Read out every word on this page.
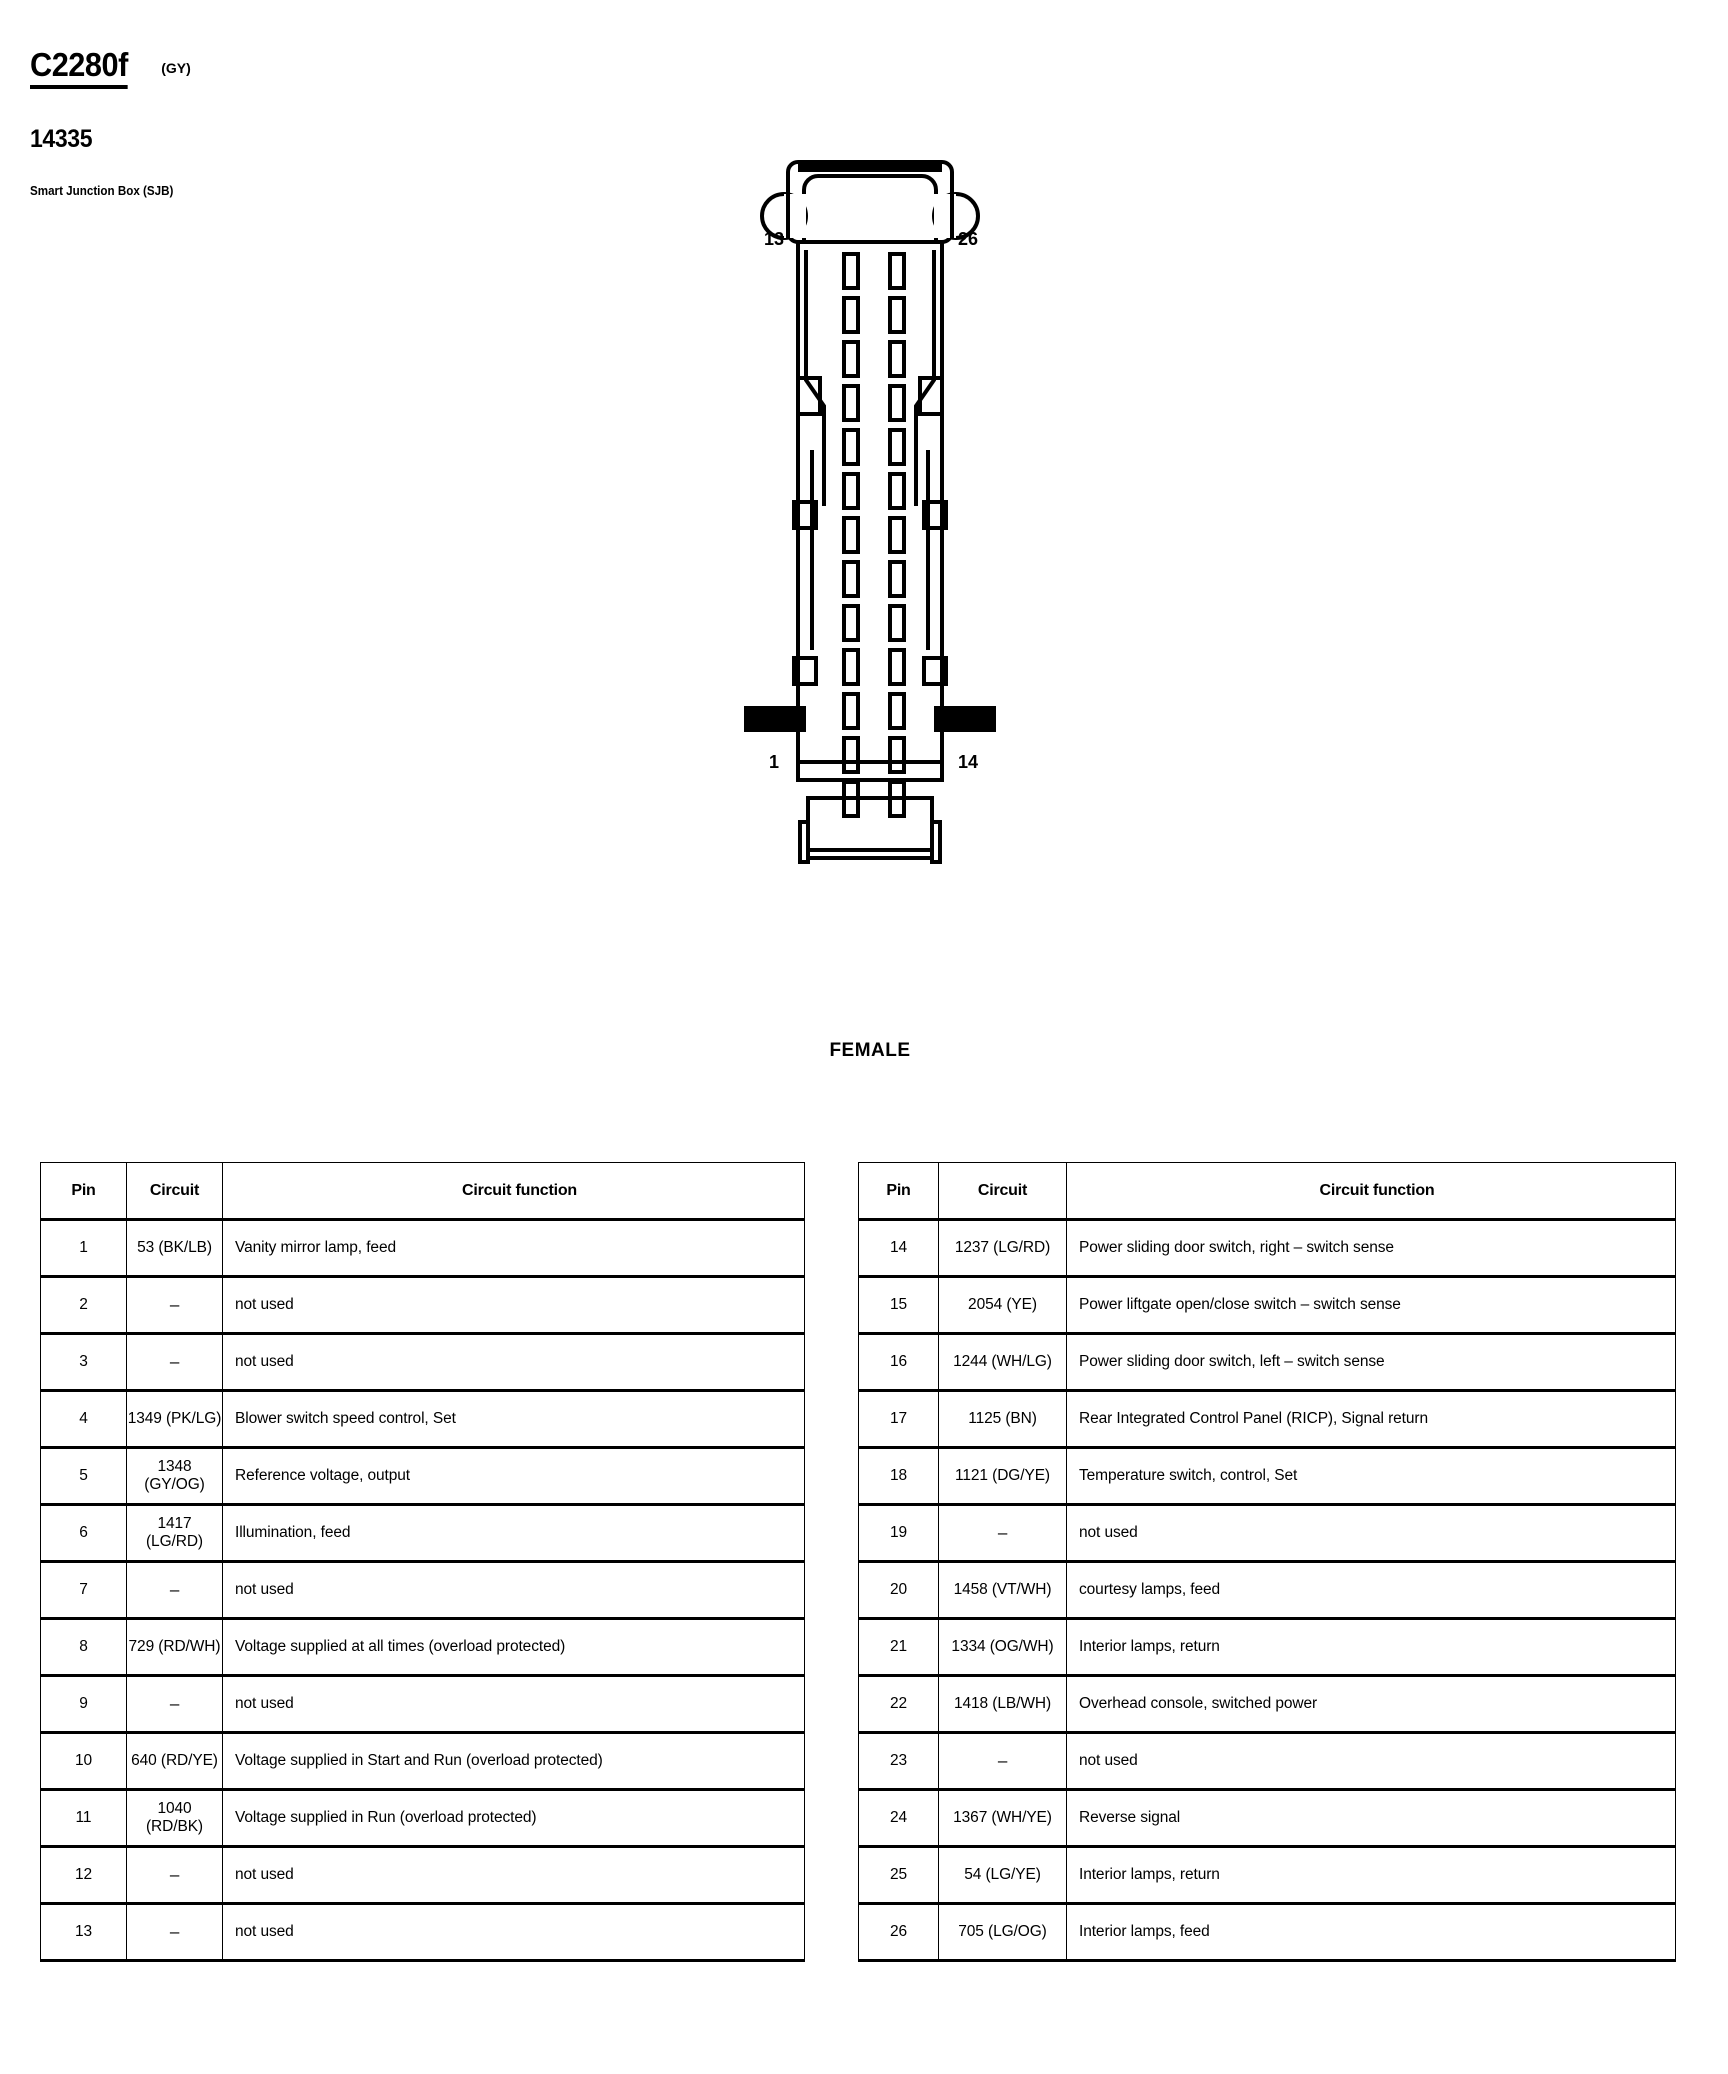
C2280f (GY)
14335
Smart Junction Box (SJB)
13	26
1	14
FEMALE
Pin	Circuit	Circuit function
1	53 (BK/LB)	Vanity mirror lamp, feed
2	–	not used
3	–	not used
4	1349 (PK/LG)	Blower switch speed control, Set
5	1348 (GY/OG)	Reference voltage, output
6	1417 (LG/RD)	Illumination, feed
7	–	not used
8	729 (RD/WH)	Voltage supplied at all times (overload protected)
9	–	not used
10	640 (RD/YE)	Voltage supplied in Start and Run (overload protected)
11	1040 (RD/BK)	Voltage supplied in Run (overload protected)
12	–	not used
13	–	not used
Pin	Circuit	Circuit function
14	1237 (LG/RD)	Power sliding door switch, right – switch sense
15	2054 (YE)	Power liftgate open/close switch – switch sense
16	1244 (WH/LG)	Power sliding door switch, left – switch sense
17	1125 (BN)	Rear Integrated Control Panel (RICP), Signal return
18	1121 (DG/YE)	Temperature switch, control, Set
19	–	not used
20	1458 (VT/WH)	courtesy lamps, feed
21	1334 (OG/WH)	Interior lamps, return
22	1418 (LB/WH)	Overhead console, switched power
23	–	not used
24	1367 (WH/YE)	Reverse signal
25	54 (LG/YE)	Interior lamps, return
26	705 (LG/OG)	Interior lamps, feed
